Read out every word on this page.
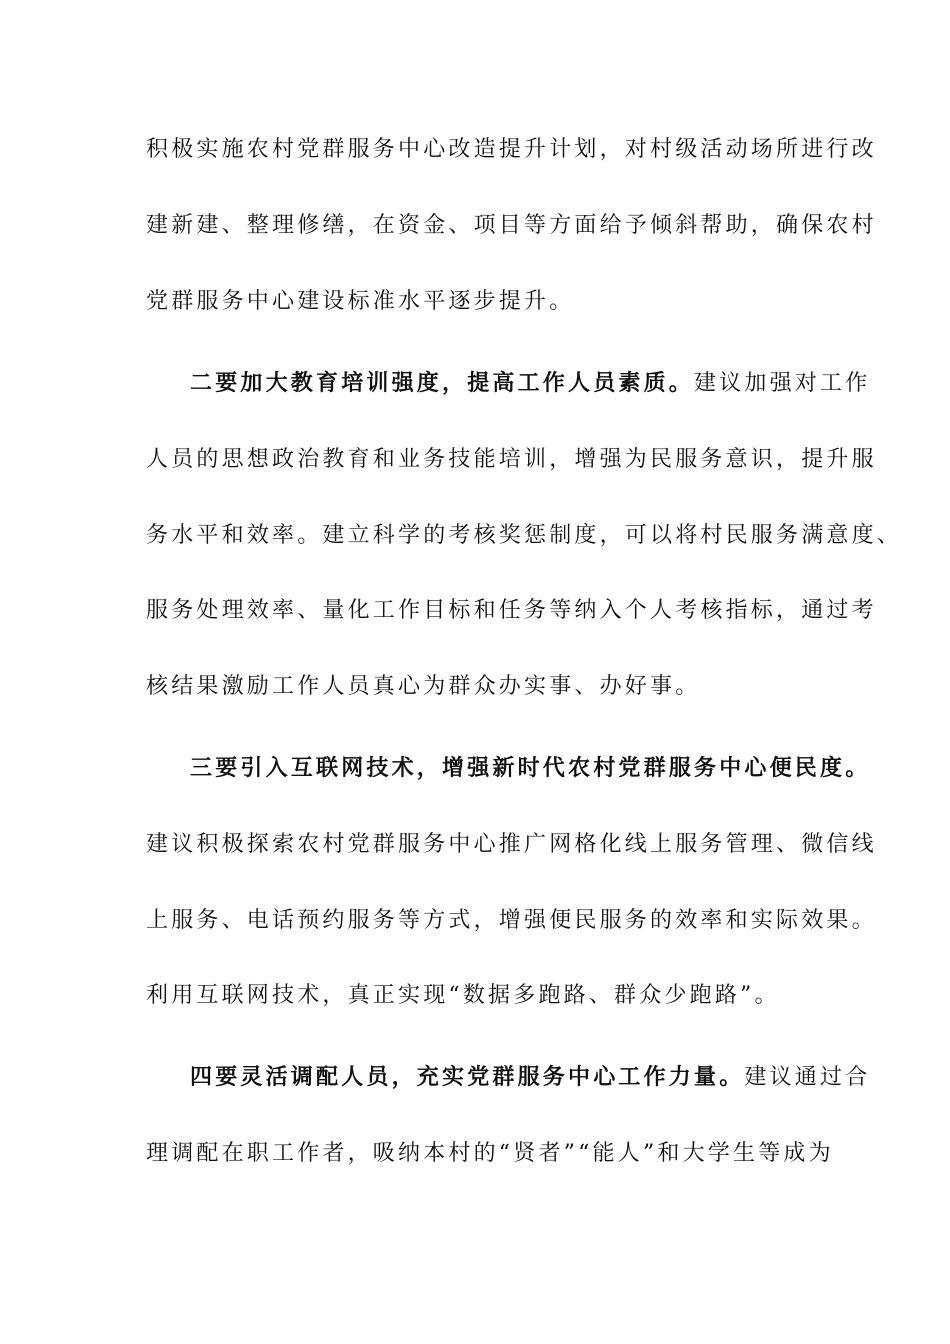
积极实施农村党群服务中心改造提升计划，对村级活动场所进行改
建新建、整理修缮，在资金、项目等方面给予倾斜帮助，确保农村
党群服务中心建设标准水平逐步提升。
二要加大教育培训强度，提高工作人员素质。建议加强对工作
人员的思想政治教育和业务技能培训，增强为民服务意识，提升服
务水平和效率。建立科学的考核奖惩制度，可以将村民服务满意度、
服务处理效率、量化工作目标和任务等纳入个人考核指标，通过考
核结果激励工作人员真心为群众办实事、办好事。
三要引入互联网技术，增强新时代农村党群服务中心便民度。
建议积极探索农村党群服务中心推广网格化线上服务管理、微信线
上服务、电话预约服务等方式，增强便民服务的效率和实际效果。
利用互联网技术，真正实现“数据多跑路、群众少跑路”。
四要灵活调配人员，充实党群服务中心工作力量。建议通过合
理调配在职工作者，吸纳本村的“贤者”“能人”和大学生等成为
